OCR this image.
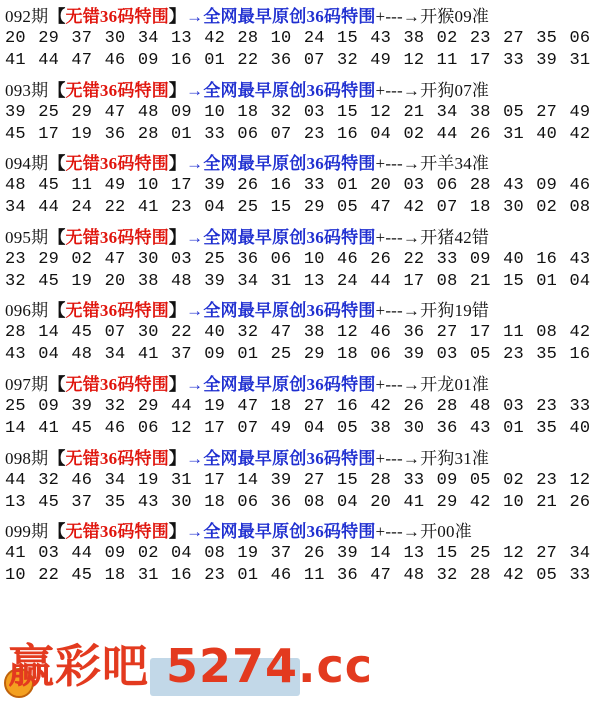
092期【无错36码特围】→全网最早原创36码特围+---→开猴09准
20 29 37 30 34 13 42 28 10 24 15 43 38 02 23 27 35 06
41 44 47 46 09 16 01 22 36 07 32 49 12 11 17 33 39 31
093期【无错36码特围】→全网最早原创36码特围+---→开狗07准
39 25 29 47 48 09 10 18 32 03 15 12 21 34 38 05 27 49
45 17 19 36 28 01 33 06 07 23 16 04 02 44 26 31 40 42
094期【无错36码特围】→全网最早原创36码特围+---→开羊34准
48 45 11 49 10 17 39 26 16 33 01 20 03 06 28 43 09 46
34 44 24 22 41 23 04 25 15 29 05 47 42 07 18 30 02 08
095期【无错36码特围】→全网最早原创36码特围+---→开猪42错
23 29 02 47 30 03 25 36 06 10 46 26 22 33 09 40 16 43
32 45 19 20 38 48 39 34 31 13 24 44 17 08 21 15 01 04
096期【无错36码特围】→全网最早原创36码特围+---→开狗19错
28 14 45 07 30 22 40 32 47 38 12 46 36 27 17 11 08 42
43 04 48 34 41 37 09 01 25 29 18 06 39 03 05 23 35 16
097期【无错36码特围】→全网最早原创36码特围+---→开龙01准
25 09 39 32 29 44 19 47 18 27 16 42 26 28 48 03 23 33
14 41 45 46 06 12 17 07 49 04 05 38 30 36 43 01 35 40
098期【无错36码特围】→全网最早原创36码特围+---→开狗31准
44 32 46 34 19 31 17 14 39 27 15 28 33 09 05 02 23 12
13 45 37 35 43 30 18 06 36 08 04 20 41 29 42 10 21 26
099期【无错36码特围】→全网最早原创36码特围+---→开00准
41 03 44 09 02 04 08 19 37 26 39 14 13 15 25 12 27 34
10 22 45 18 31 16 23 01 46 11 36 47 48 32 28 42 05 33
赢彩吧 5274.cc
